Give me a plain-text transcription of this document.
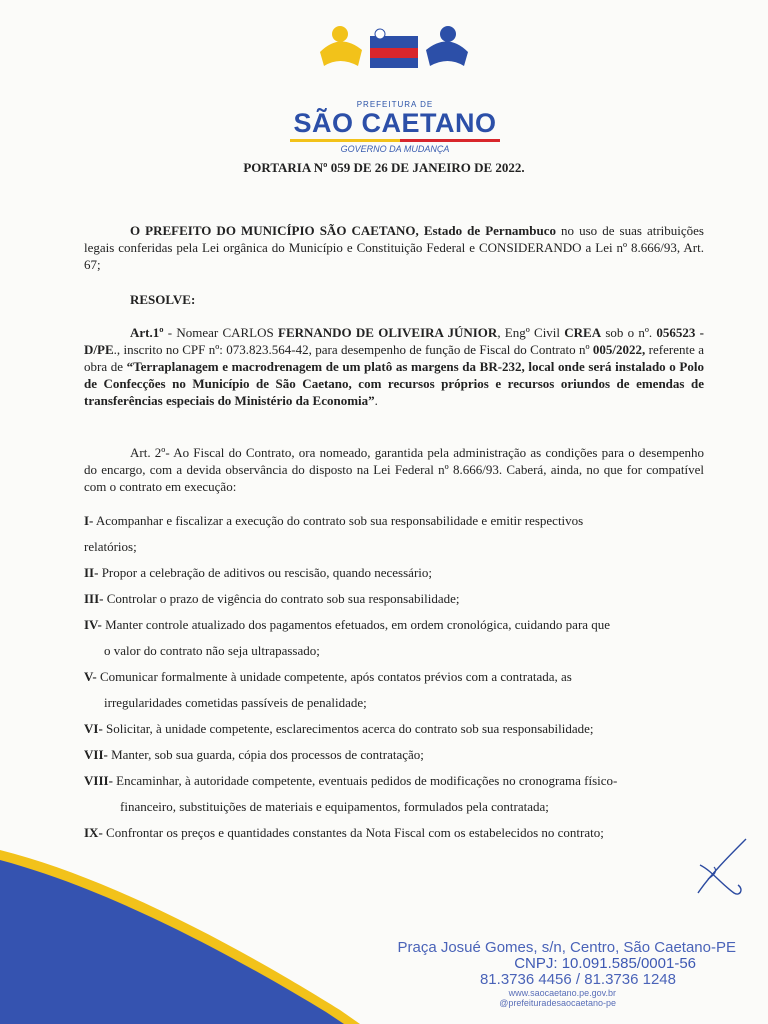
PREFEITURA DE
SÃO CAETANO
GOVERNO DA MUDANÇA
PORTARIA Nº 059 DE 26 DE JANEIRO DE 2022.

O PREFEITO DO MUNICÍPIO SÃO CAETANO, Estado de Pernambuco no uso de suas atribuições legais conferidas pela Lei orgânica do Município e Constituição Federal e CONSIDERANDO a Lei nº 8.666/93, Art. 67;

RESOLVE:

Art.1º - Nomear CARLOS FERNANDO DE OLIVEIRA JÚNIOR, Engº Civil CREA sob o nº. 056523 -D/PE., inscrito no CPF nº: 073.823.564-42, para desempenho de função de Fiscal do Contrato nº 005/2022, referente a obra de “Terraplanagem e macrodrenagem de um platô as margens da BR-232, local onde será instalado o Polo de Confecções no Município de São Caetano, com recursos próprios e recursos oriundos de emendas de transferências especiais do Ministério da Economia”.

Art. 2º- Ao Fiscal do Contrato, ora nomeado, garantida pela administração as condições para o desempenho do encargo, com a devida observância do disposto na Lei Federal nº 8.666/93. Caberá, ainda, no que for compatível com o contrato em execução:

I- Acompanhar e fiscalizar a execução do contrato sob sua responsabilidade e emitir respectivos
relatórios;
II- Propor a celebração de aditivos ou rescisão, quando necessário;
III- Controlar o prazo de vigência do contrato sob sua responsabilidade;
IV- Manter controle atualizado dos pagamentos efetuados, em ordem cronológica, cuidando para que
o valor do contrato não seja ultrapassado;
V- Comunicar formalmente à unidade competente, após contatos prévios com a contratada, as
irregularidades cometidas passíveis de penalidade;
VI- Solicitar, à unidade competente, esclarecimentos acerca do contrato sob sua responsabilidade;
VII- Manter, sob sua guarda, cópia dos processos de contratação;
VIII- Encaminhar, à autoridade competente, eventuais pedidos de modificações no cronograma físico-
financeiro, substituições de materiais e equipamentos, formulados pela contratada;
IX- Confrontar os preços e quantidades constantes da Nota Fiscal com os estabelecidos no contrato;
Praça Josué Gomes, s/n, Centro, São Caetano-PE
CNPJ: 10.091.585/0001-56
81.3736 4456 / 81.3736 1248
www.saocaetano.pe.gov.br
@prefeituradesaocaetano-pe
